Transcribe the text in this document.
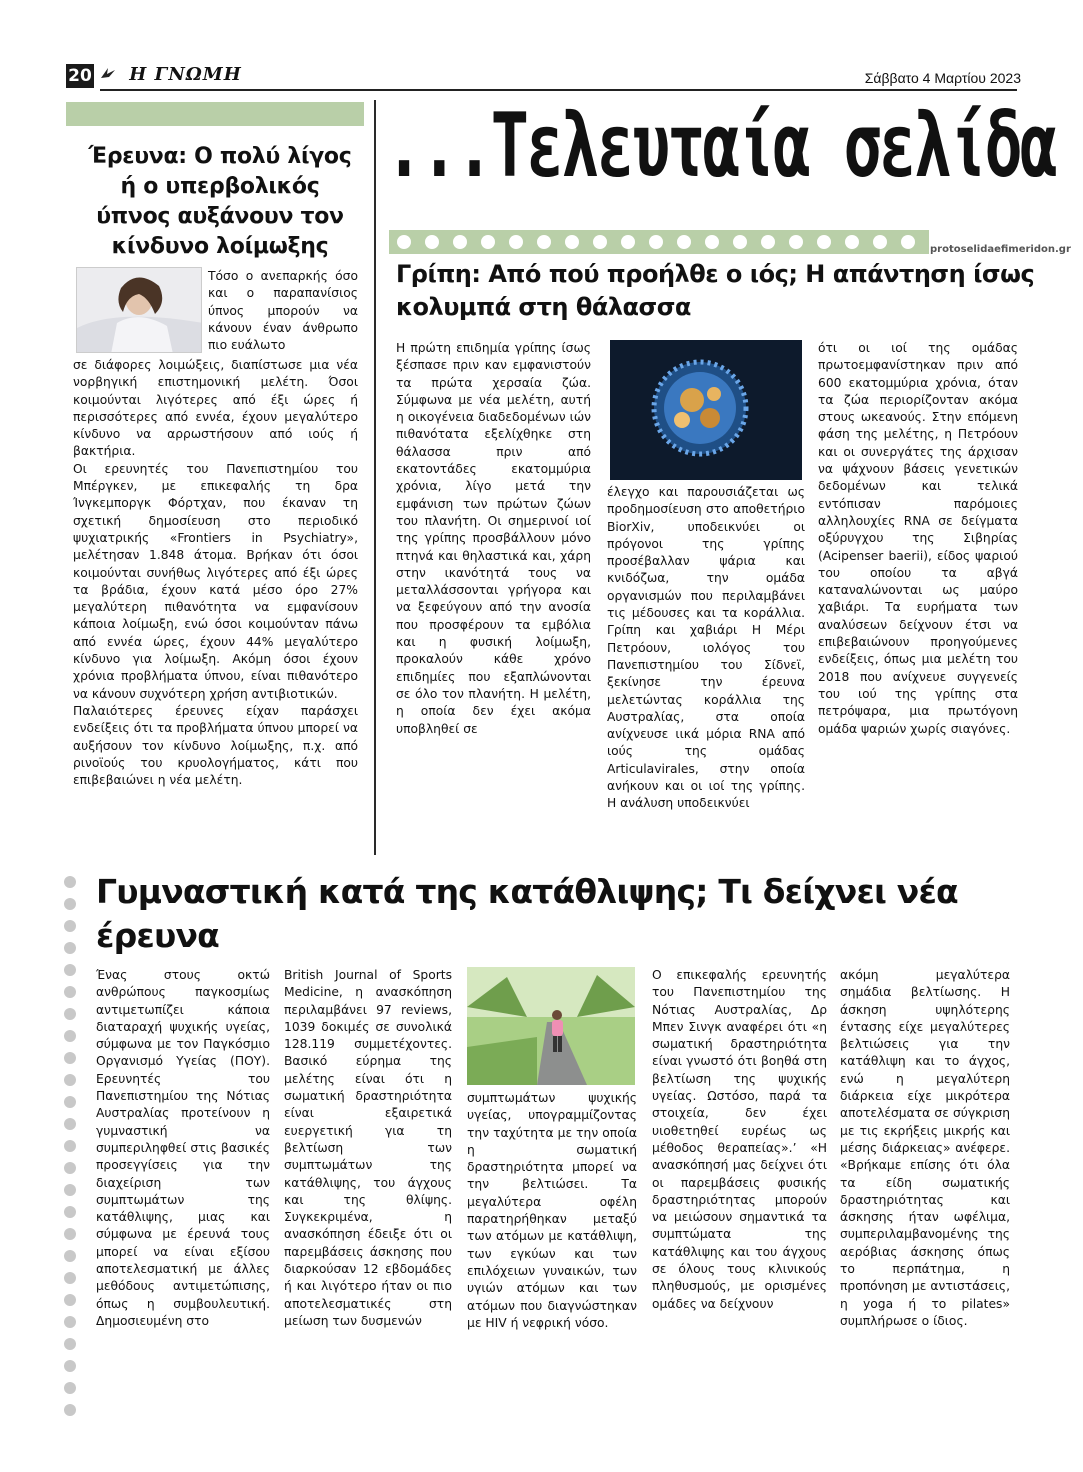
20	Η ΓΝΩΜΗ	Σάββατο 4 Μαρτίου 2023
...Τελευταία σελίδα
protoselidaefimeridon.gr
Έρευνα: Ο πολύ λίγος ή ο υπερβολικός ύπνος αυξάνουν τον κίνδυνο λοίμωξης
Τόσο ο ανεπαρκής όσο και ο παραπανίσιος ύπνος μπορούν να κάνουν έναν άνθρωπο πιο ευάλωτο

σε διάφορες λοιμώξεις, διαπίστωσε μια νέα νορβηγική επιστημονική μελέτη. Όσοι κοιμούνται λιγότερες από έξι ώρες ή περισσότερες από εννέα, έχουν μεγαλύτερο κίνδυνο να αρρωστήσουν από ιούς ή βακτήρια.

Οι ερευνητές του Πανεπιστημίου του Μπέργκεν, με επικεφαλής τη δρα Ίνγκεμποργκ Φόρτχαν, που έκαναν τη σχετική δημοσίευση στο περιοδικό ψυχιατρικής «Frontiers in Psychiatry», μελέτησαν 1.848 άτομα. Βρήκαν ότι όσοι κοιμούνται συνήθως λιγότερες από έξι ώρες τα βράδια, έχουν κατά μέσο όρο 27% μεγαλύτερη πιθανότητα να εμφανίσουν κάποια λοίμωξη, ενώ όσοι κοιμούνταν πάνω από εννέα ώρες, έχουν 44% μεγαλύτερο κίνδυνο για λοίμωξη. Ακόμη όσοι έχουν χρόνια προβλήματα ύπνου, είναι πιθανότερο να κάνουν συχνότερη χρήση αντιβιοτικών.

Παλαιότερες έρευνες είχαν παράσχει ενδείξεις ότι τα προβλήματα ύπνου μπορεί να αυξήσουν τον κίνδυνο λοίμωξης, π.χ. από ρινοϊούς του κρυολογήματος, κάτι που επιβεβαιώνει η νέα μελέτη.

Γρίπη: Από πού προήλθε ο ιός; Η απάντηση ίσως κολυμπά στη θάλασσα
Η πρώτη επιδημία γρίπης ίσως ξέσπασε πριν καν εμφανιστούν τα πρώτα χερσαία ζώα. Σύμφωνα με νέα μελέτη, αυτή η οικογένεια διαδεδομένων ιών πιθανότατα εξελίχθηκε στη θάλασσα πριν από εκατοντάδες εκατομμύρια χρόνια, λίγο μετά την εμφάνιση των πρώτων ζώων του πλανήτη. Οι σημερινοί ιοί της γρίπης προσβάλλουν μόνο πτηνά και θηλαστικά και, χάρη στην ικανότητά τους να μεταλλάσσονται γρήγορα και να ξεφεύγουν από την ανοσία που προσφέρουν τα εμβόλια και η φυσική λοίμωξη, προκαλούν κάθε χρόνο επιδημίες που εξαπλώνονται σε όλο τον πλανήτη. Η μελέτη, η οποία δεν έχει ακόμα υποβληθεί σε
έλεγχο και παρουσιάζεται ως προδημοσίευση στο αποθετήριο BiorXiv, υποδεικνύει οι πρόγονοι της γρίπης προσέβαλλαν ψάρια και κνιδόζωα, την ομάδα οργανισμών που περιλαμβάνει τις μέδουσες και τα κοράλλια. Γρίπη και χαβιάρι Η Μέρι Πετρόουν, ιολόγος του Πανεπιστημίου του Σίδνεϊ, ξεκίνησε την έρευνα μελετώντας κοράλλια της Αυστραλίας, στα οποία ανίχνευσε ιικά μόρια RNA από ιούς της ομάδας Articulavirales, στην οποία ανήκουν και οι ιοί της γρίπης. Η ανάλυση υποδεικνύει
ότι οι ιοί της ομάδας πρωτοεμφανίστηκαν πριν από 600 εκατομμύρια χρόνια, όταν τα ζώα περιορίζονταν ακόμα στους ωκεανούς. Στην επόμενη φάση της μελέτης, η Πετρόουν και οι συνεργάτες της άρχισαν να ψάχνουν βάσεις γενετικών δεδομένων και τελικά εντόπισαν παρόμοιες αλληλουχίες RNA σε δείγματα οξύρυγχου της Σιβηρίας (Acipenser baerii), είδος ψαριού του οποίου τα αβγά καταναλώνονται ως μαύρο χαβιάρι. Τα ευρήματα των αναλύσεων δείχνουν έτσι να επιβεβαιώνουν προηγούμενες ενδείξεις, όπως μια μελέτη του 2018 που ανίχνευε συγγενείς του ιού της γρίπης στα πετρόψαρα, μια πρωτόγονη ομάδα ψαριών χωρίς σιαγόνες.
Γυμναστική κατά της κατάθλιψης; Τι δείχνει νέα έρευνα
Ένας στους οκτώ ανθρώπους παγκοσμίως αντιμετωπίζει κάποια διαταραχή ψυχικής υγείας, σύμφωνα με τον Παγκόσμιο Οργανισμό Υγείας (ΠΟΥ). Ερευνητές του Πανεπιστημίου της Νότιας Αυστραλίας προτείνουν η γυμναστική να συμπεριληφθεί στις βασικές προσεγγίσεις για την διαχείριση των συμπτωμάτων της κατάθλιψης, μιας και σύμφωνα με έρευνά τους μπορεί να είναι εξίσου αποτελεσματική με άλλες μεθόδους αντιμετώπισης, όπως η συμβουλευτική. Δημοσιευμένη στο
British Journal of Sports Medicine, η ανασκόπηση περιλαμβάνει 97 reviews, 1039 δοκιμές σε συνολικά 128.119 συμμετέχοντες. Βασικό εύρημα της μελέτης είναι ότι η σωματική δραστηριότητα είναι εξαιρετικά ευεργετική για τη βελτίωση των συμπτωμάτων της κατάθλιψης, του άγχους και της θλίψης. Συγκεκριμένα, η ανασκόπηση έδειξε ότι οι παρεμβάσεις άσκησης που διαρκούσαν 12 εβδομάδες ή και λιγότερο ήταν οι πιο αποτελεσματικές στη μείωση των δυσμενών
συμπτωμάτων ψυχικής υγείας, υπογραμμίζοντας την ταχύτητα με την οποία η σωματική δραστηριότητα μπορεί να την βελτιώσει. Τα μεγαλύτερα οφέλη παρατηρήθηκαν μεταξύ των ατόμων με κατάθλιψη, των εγκύων και των επιλόχειων γυναικών, των υγιών ατόμων και των ατόμων που διαγνώστηκαν με HIV ή νεφρική νόσο.
Ο επικεφαλής ερευνητής του Πανεπιστημίου της Νότιας Αυστραλίας, Δρ Μπεν Σινγκ αναφέρει ότι «η σωματική δραστηριότητα είναι γνωστό ότι βοηθά στη βελτίωση της ψυχικής υγείας. Ωστόσο, παρά τα στοιχεία, δεν έχει υιοθετηθεί ευρέως ως μέθοδος θεραπείας».’ «Η ανασκόπησή μας δείχνει ότι οι παρεμβάσεις φυσικής δραστηριότητας μπορούν να μειώσουν σημαντικά τα συμπτώματα της κατάθλιψης και του άγχους σε όλους τους κλινικούς πληθυσμούς, με ορισμένες ομάδες να δείχνουν
ακόμη μεγαλύτερα σημάδια βελτίωσης. Η άσκηση υψηλότερης έντασης είχε μεγαλύτερες βελτιώσεις για την κατάθλιψη και το άγχος, ενώ η μεγαλύτερη διάρκεια είχε μικρότερα αποτελέσματα σε σύγκριση με τις εκρήξεις μικρής και μέσης διάρκειας» ανέφερε. «Βρήκαμε επίσης ότι όλα τα είδη σωματικής δραστηριότητας και άσκησης ήταν ωφέλιμα, συμπεριλαμβανομένης της αερόβιας άσκησης όπως το περπάτημα, η προπόνηση με αντιστάσεις, η yoga ή το pilates» συμπλήρωσε ο ίδιος.
